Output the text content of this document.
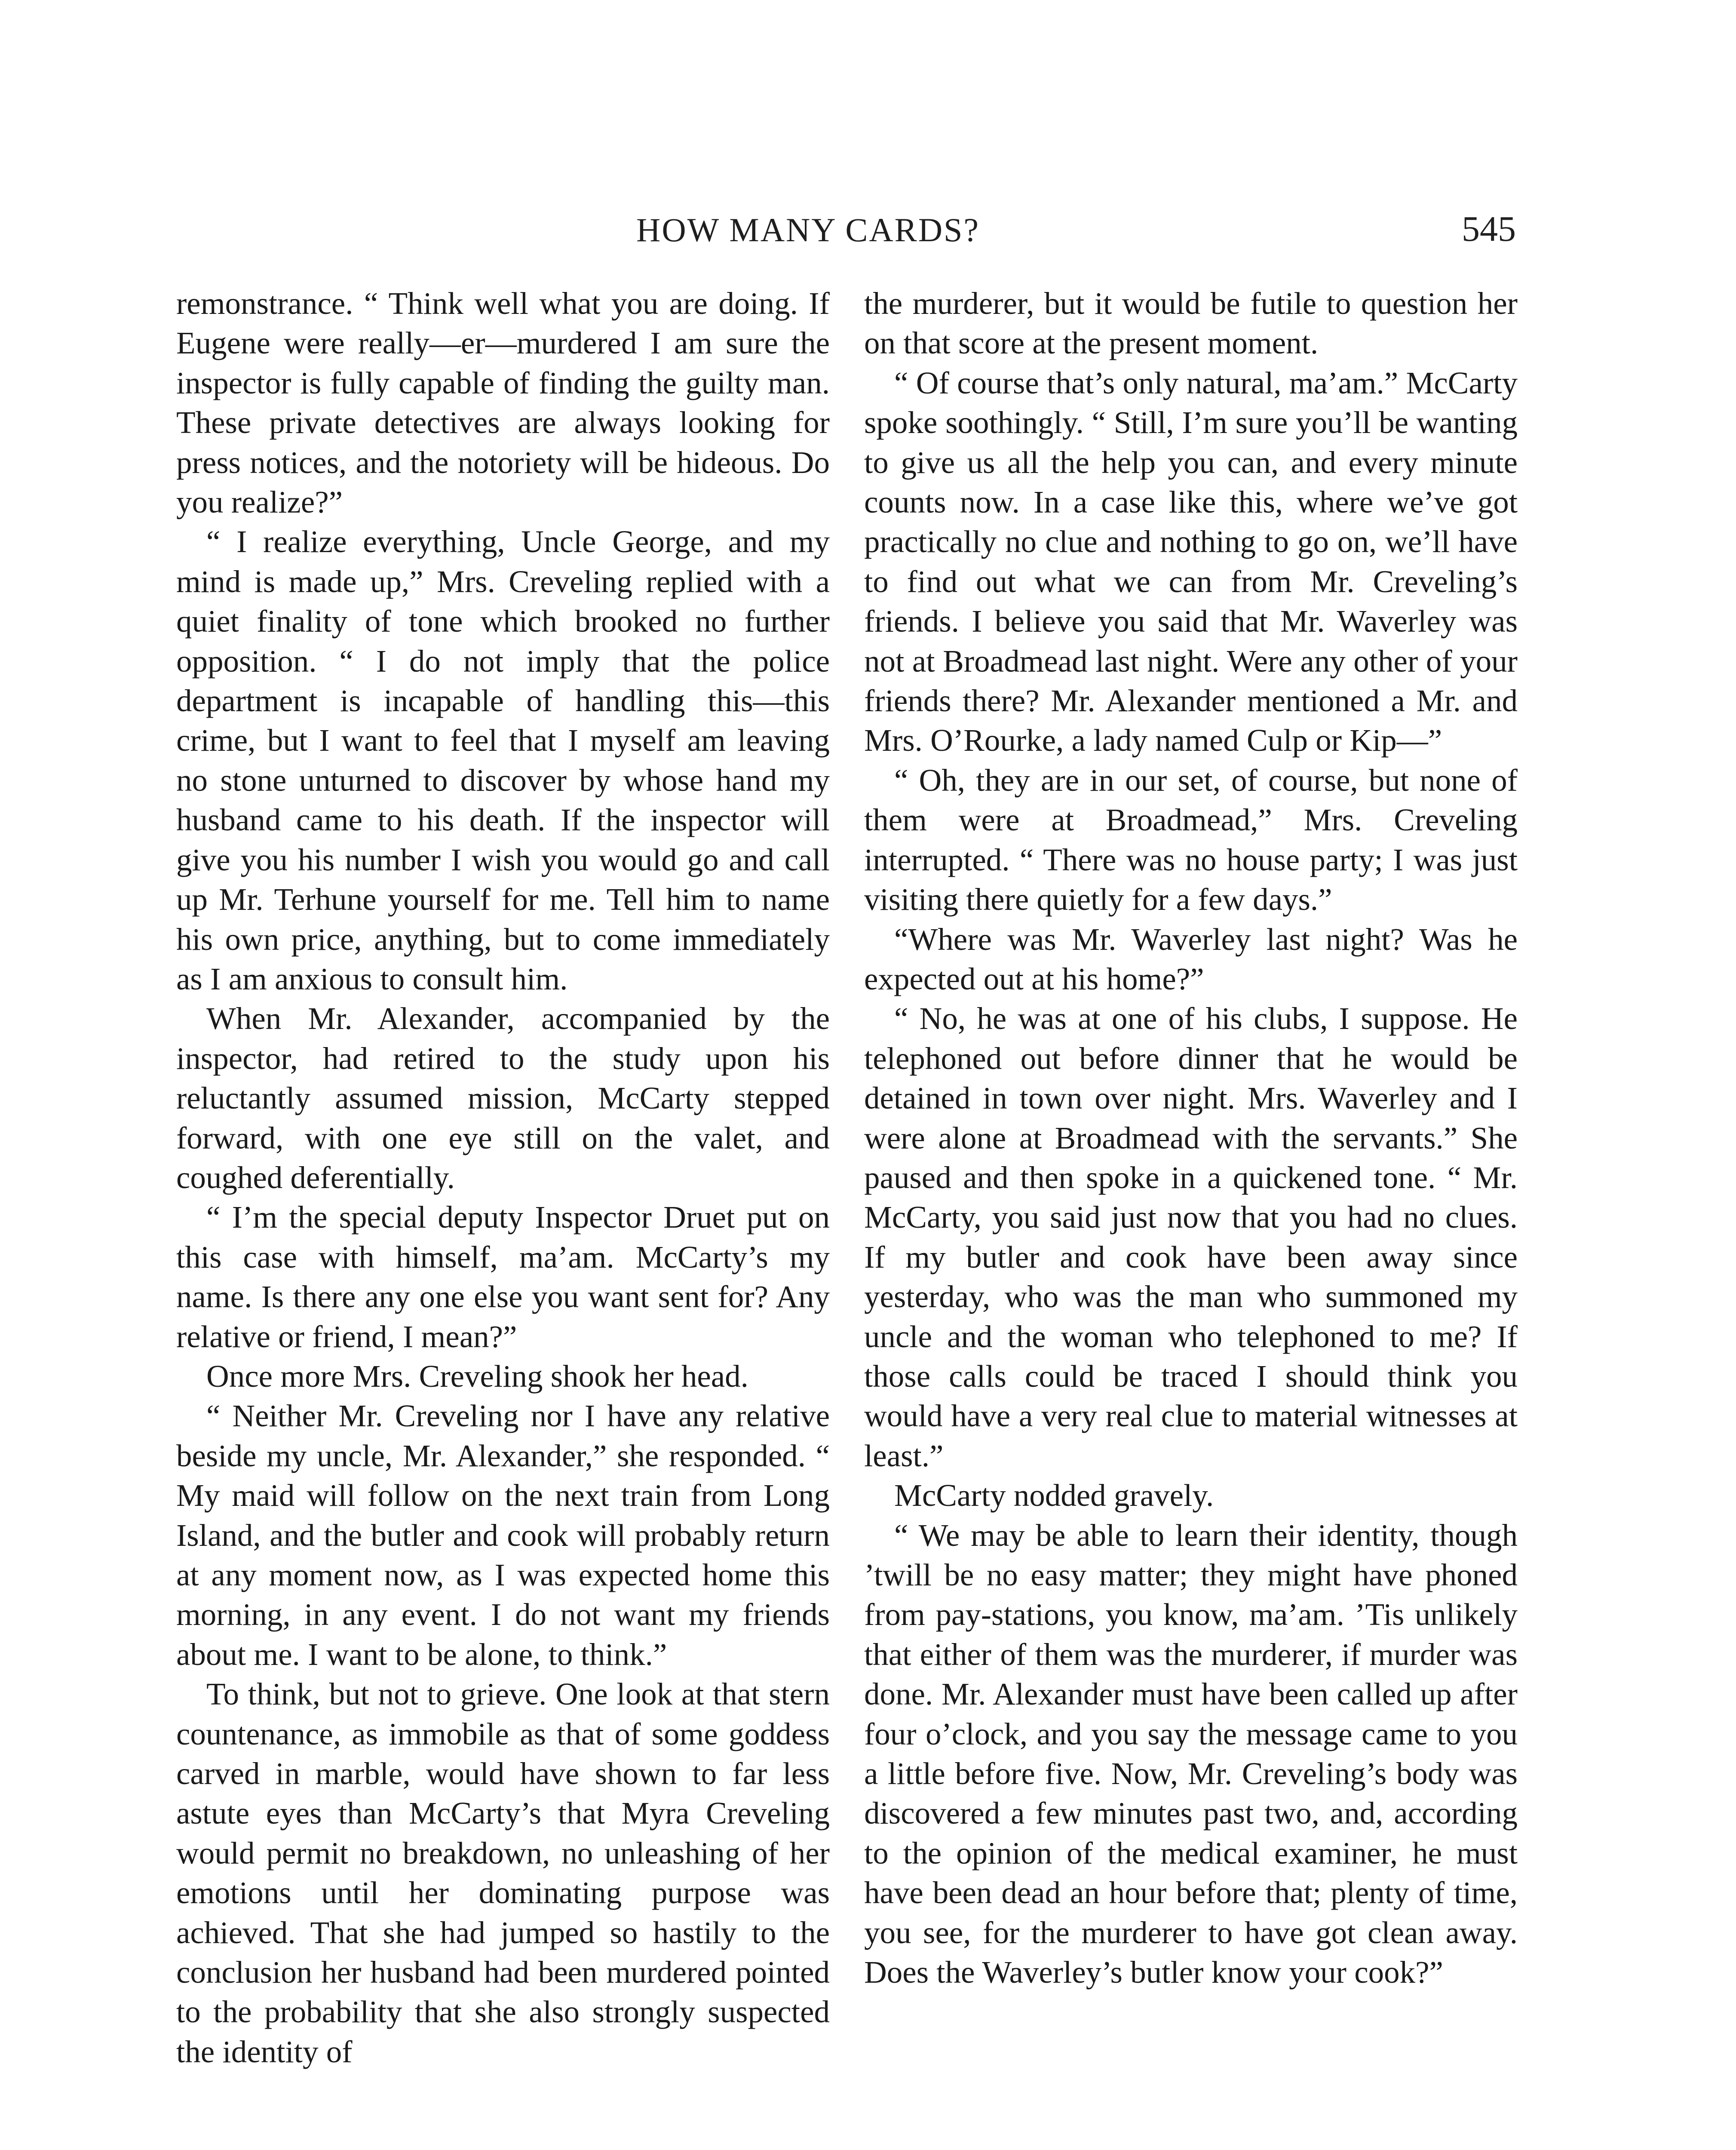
HOW MANY CARDS?	545

remonstrance. “ Think well what you are doing. If Eugene were really—er—murdered I am sure the inspector is fully capable of finding the guilty man. These private detectives are always looking for press notices, and the notoriety will be hideous. Do you realize?”

“ I realize everything, Uncle George, and my mind is made up,” Mrs. Creveling replied with a quiet finality of tone which brooked no further opposition. “ I do not imply that the police department is incapable of handling this—this crime, but I want to feel that I myself am leaving no stone unturned to discover by whose hand my husband came to his death. If the inspector will give you his number I wish you would go and call up Mr. Terhune yourself for me. Tell him to name his own price, anything, but to come immediately as I am anxious to consult him.

When Mr. Alexander, accompanied by the inspector, had retired to the study upon his reluctantly assumed mission, McCarty stepped forward, with one eye still on the valet, and coughed deferentially.

“ I’m the special deputy Inspector Druet put on this case with himself, ma’am. McCarty’s my name. Is there any one else you want sent for? Any relative or friend, I mean?”

Once more Mrs. Creveling shook her head.

“ Neither Mr. Creveling nor I have any relative beside my uncle, Mr. Alexander,” she responded. “ My maid will follow on the next train from Long Island, and the butler and cook will probably return at any moment now, as I was expected home this morning, in any event. I do not want my friends about me. I want to be alone, to think.”

To think, but not to grieve. One look at that stern countenance, as immobile as that of some goddess carved in marble, would have shown to far less astute eyes than McCarty’s that Myra Creveling would permit no breakdown, no unleashing of her emotions until her dominating purpose was achieved. That she had jumped so hastily to the conclusion her husband had been murdered pointed to the probability that she also strongly suspected the identity of

the murderer, but it would be futile to question her on that score at the present moment.

“ Of course that’s only natural, ma’am.” McCarty spoke soothingly. “ Still, I’m sure you’ll be wanting to give us all the help you can, and every minute counts now. In a case like this, where we’ve got practically no clue and nothing to go on, we’ll have to find out what we can from Mr. Creveling’s friends. I believe you said that Mr. Waverley was not at Broadmead last night. Were any other of your friends there? Mr. Alexander mentioned a Mr. and Mrs. O’Rourke, a lady named Culp or Kip—”

“ Oh, they are in our set, of course, but none of them were at Broadmead,” Mrs. Creveling interrupted. “ There was no house party; I was just visiting there quietly for a few days.”

“Where was Mr. Waverley last night? Was he expected out at his home?”

“ No, he was at one of his clubs, I suppose. He telephoned out before dinner that he would be detained in town over night. Mrs. Waverley and I were alone at Broadmead with the servants.” She paused and then spoke in a quickened tone. “ Mr. McCarty, you said just now that you had no clues. If my butler and cook have been away since yesterday, who was the man who summoned my uncle and the woman who telephoned to me? If those calls could be traced I should think you would have a very real clue to material witnesses at least.”

McCarty nodded gravely.

“ We may be able to learn their identity, though ’twill be no easy matter; they might have phoned from pay-stations, you know, ma’am. ’Tis unlikely that either of them was the murderer, if murder was done. Mr. Alexander must have been called up after four o’clock, and you say the message came to you a little before five. Now, Mr. Creveling’s body was discovered a few minutes past two, and, according to the opinion of the medical examiner, he must have been dead an hour before that; plenty of time, you see, for the murderer to have got clean away. Does the Waverley’s butler know your cook?”
